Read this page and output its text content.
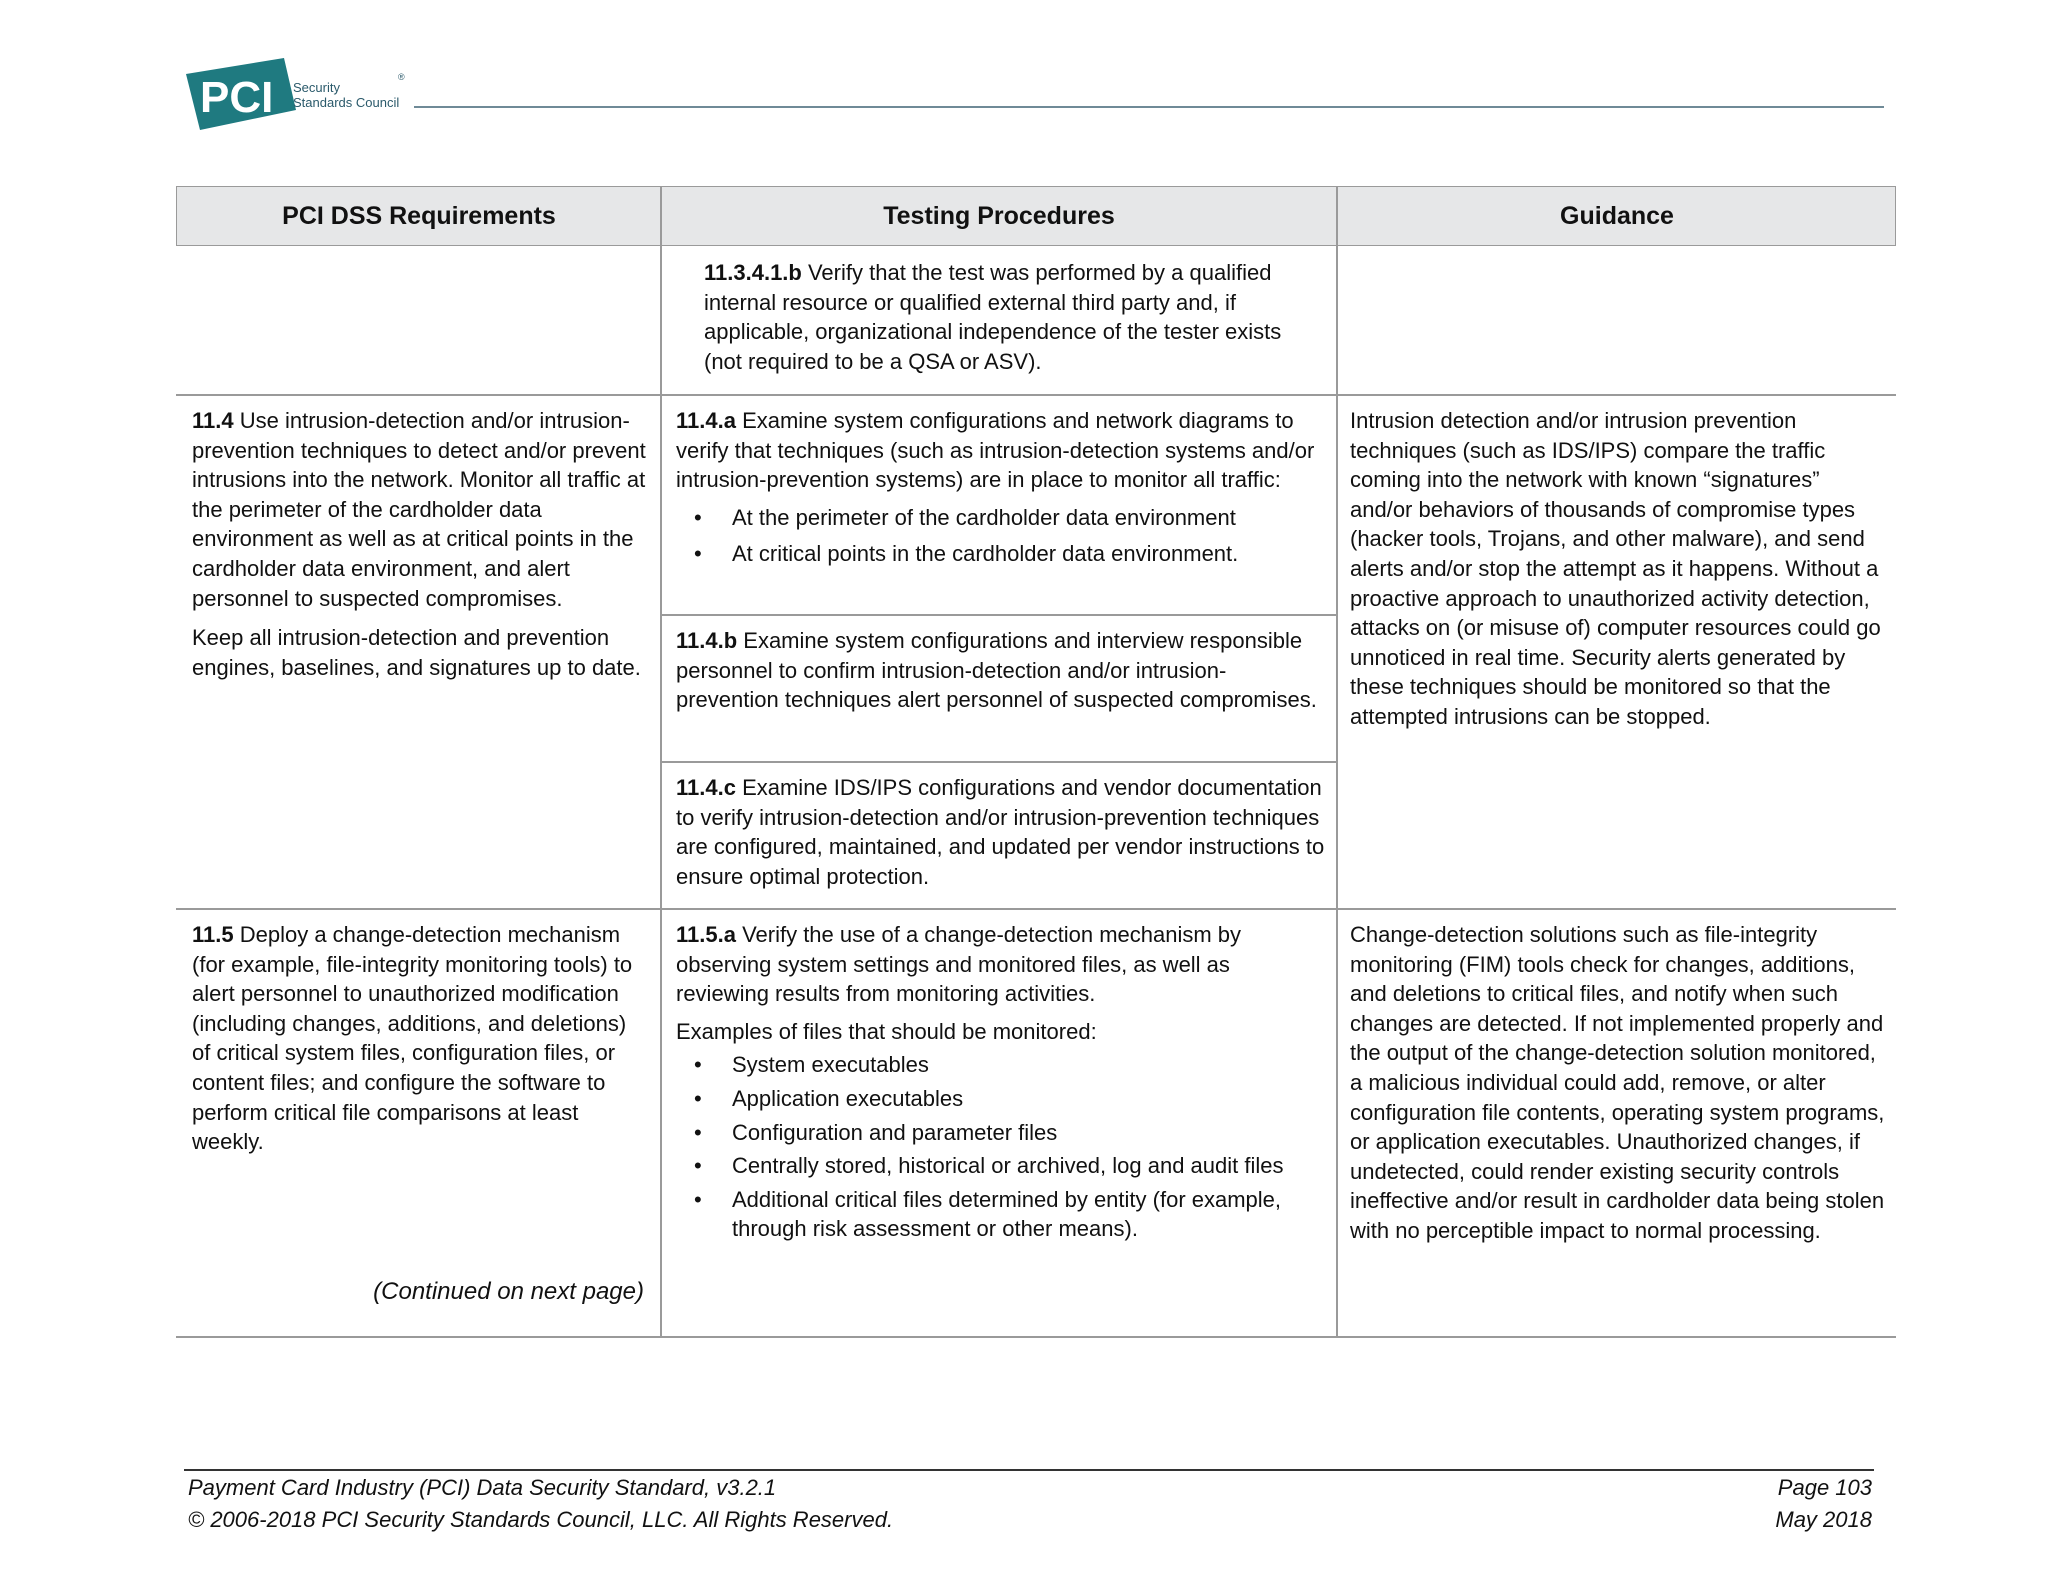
PCI Security
Standards Council
®
PCI DSS Requirements	Testing Procedures	Guidance

11.3.4.1.b Verify that the test was performed by a qualified internal resource or qualified external third party and, if applicable, organizational independence of the tester exists (not required to be a QSA or ASV).

11.4 Use intrusion-detection and/or intrusion-prevention techniques to detect and/or prevent intrusions into the network. Monitor all traffic at the perimeter of the cardholder data environment as well as at critical points in the cardholder data environment, and alert personnel to suspected compromises.

Keep all intrusion-detection and prevention engines, baselines, and signatures up to date.

11.4.a Examine system configurations and network diagrams to verify that techniques (such as intrusion-detection systems and/or intrusion-prevention systems) are in place to monitor all traffic:

• At the perimeter of the cardholder data environment
• At critical points in the cardholder data environment.

11.4.b Examine system configurations and interview responsible personnel to confirm intrusion-detection and/or intrusion-prevention techniques alert personnel of suspected compromises.

11.4.c Examine IDS/IPS configurations and vendor documentation to verify intrusion-detection and/or intrusion-prevention techniques are configured, maintained, and updated per vendor instructions to ensure optimal protection.

Intrusion detection and/or intrusion prevention techniques (such as IDS/IPS) compare the traffic coming into the network with known “signatures” and/or behaviors of thousands of compromise types (hacker tools, Trojans, and other malware), and send alerts and/or stop the attempt as it happens. Without a proactive approach to unauthorized activity detection, attacks on (or misuse of) computer resources could go unnoticed in real time. Security alerts generated by these techniques should be monitored so that the attempted intrusions can be stopped.

11.5 Deploy a change-detection mechanism (for example, file-integrity monitoring tools) to alert personnel to unauthorized modification (including changes, additions, and deletions) of critical system files, configuration files, or content files; and configure the software to perform critical file comparisons at least weekly.

(Continued on next page)

11.5.a Verify the use of a change-detection mechanism by observing system settings and monitored files, as well as reviewing results from monitoring activities.

Examples of files that should be monitored:

• System executables
• Application executables
• Configuration and parameter files
• Centrally stored, historical or archived, log and audit files
• Additional critical files determined by entity (for example, through risk assessment or other means).

Change-detection solutions such as file-integrity monitoring (FIM) tools check for changes, additions, and deletions to critical files, and notify when such changes are detected. If not implemented properly and the output of the change-detection solution monitored, a malicious individual could add, remove, or alter configuration file contents, operating system programs, or application executables. Unauthorized changes, if undetected, could render existing security controls ineffective and/or result in cardholder data being stolen with no perceptible impact to normal processing.

Payment Card Industry (PCI) Data Security Standard, v3.2.1
© 2006-2018 PCI Security Standards Council, LLC. All Rights Reserved.
Page 103
May 2018
